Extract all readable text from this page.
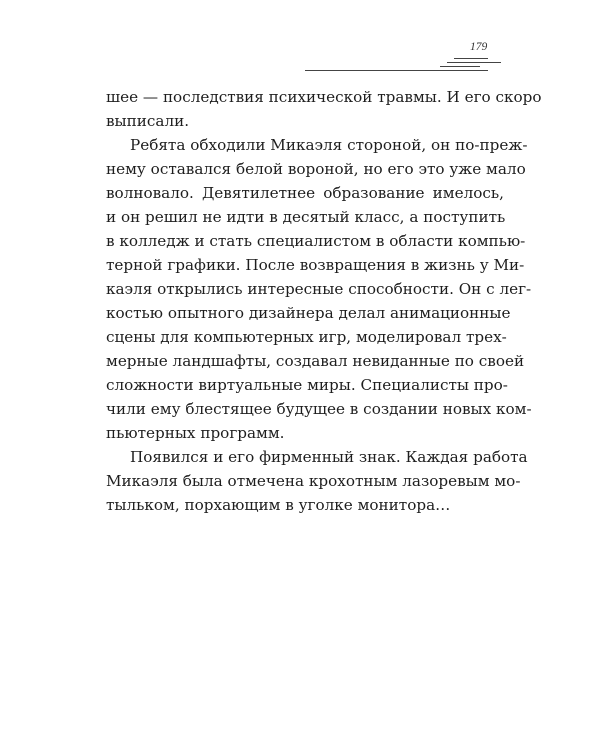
179
шее — последствия психической травмы. И его скоро
выписали.
Ребята обходили Микаэля стороной, он по-преж-
нему оставался белой вороной, но его это уже мало
волновало. Девятилетнее образование имелось,
и он решил не идти в десятый класс, а поступить
в колледж и стать специалистом в области компью-
терной графики. После возвращения в жизнь у Ми-
каэля открылись интересные способности. Он с лег-
костью опытного дизайнера делал анимационные
сцены для компьютерных игр, моделировал трех-
мерные ландшафты, создавал невиданные по своей
сложности виртуальные миры. Специалисты про-
чили ему блестящее будущее в создании новых ком-
пьютерных программ.
Появился и его фирменный знак. Каждая работа
Микаэля была отмечена крохотным лазоревым мо-
тыльком, порхающим в уголке монитора…
